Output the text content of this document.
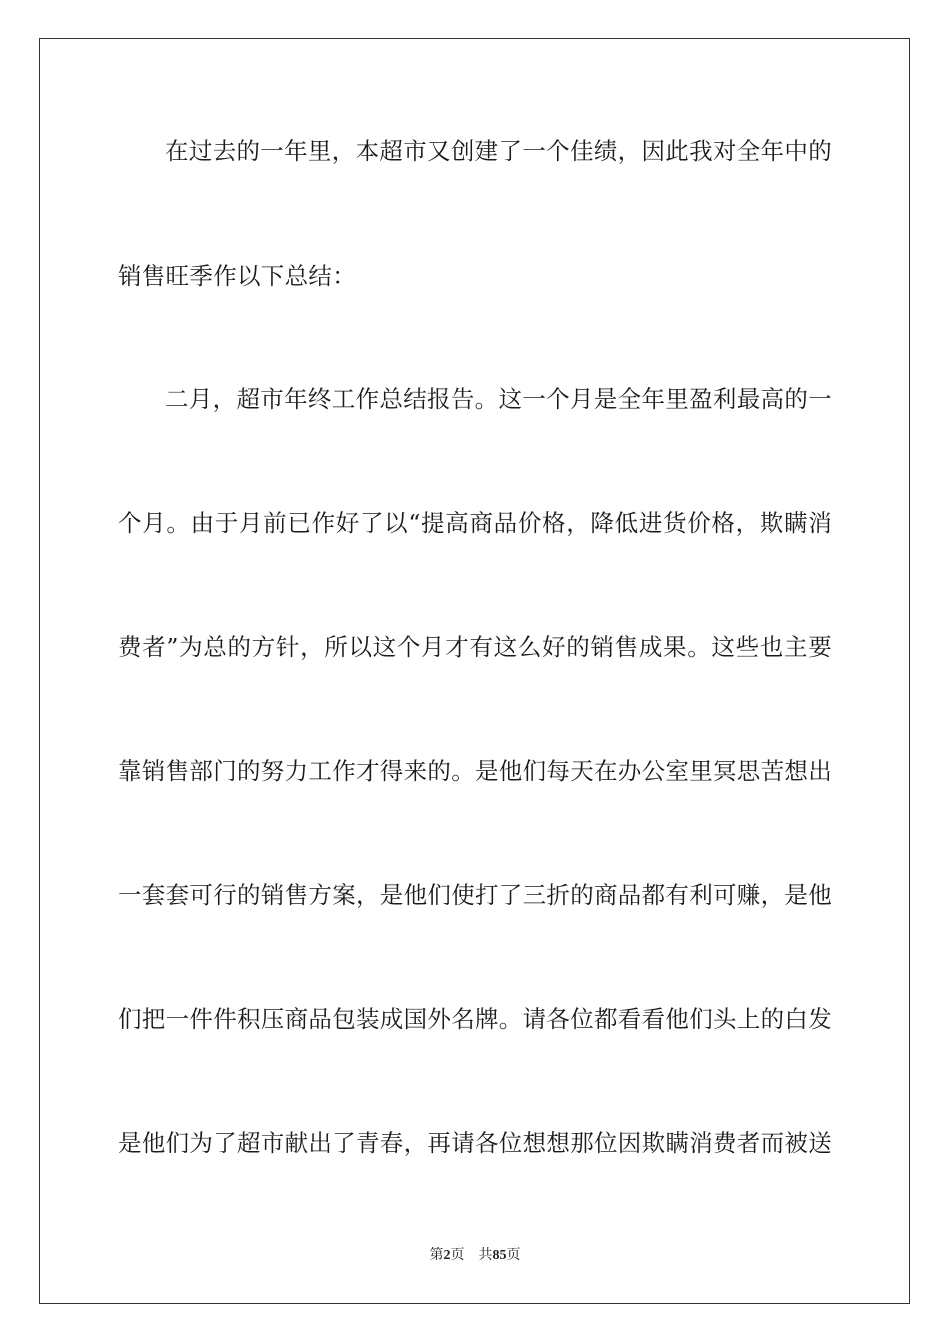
在过去的一年里，本超市又创建了一个佳绩，因此我对全年中的
销售旺季作以下总结：
二月，超市年终工作总结报告。这一个月是全年里盈利最高的一
个月。由于月前已作好了以“提高商品价格，降低进货价格，欺瞒消
费者”为总的方针，所以这个月才有这么好的销售成果。这些也主要
靠销售部门的努力工作才得来的。是他们每天在办公室里冥思苦想出
一套套可行的销售方案，是他们使打了三折的商品都有利可赚，是他
们把一件件积压商品包装成国外名牌。请各位都看看他们头上的白发
是他们为了超市献出了青春，再请各位想想那位因欺瞒消费者而被送
第2页 共85页
